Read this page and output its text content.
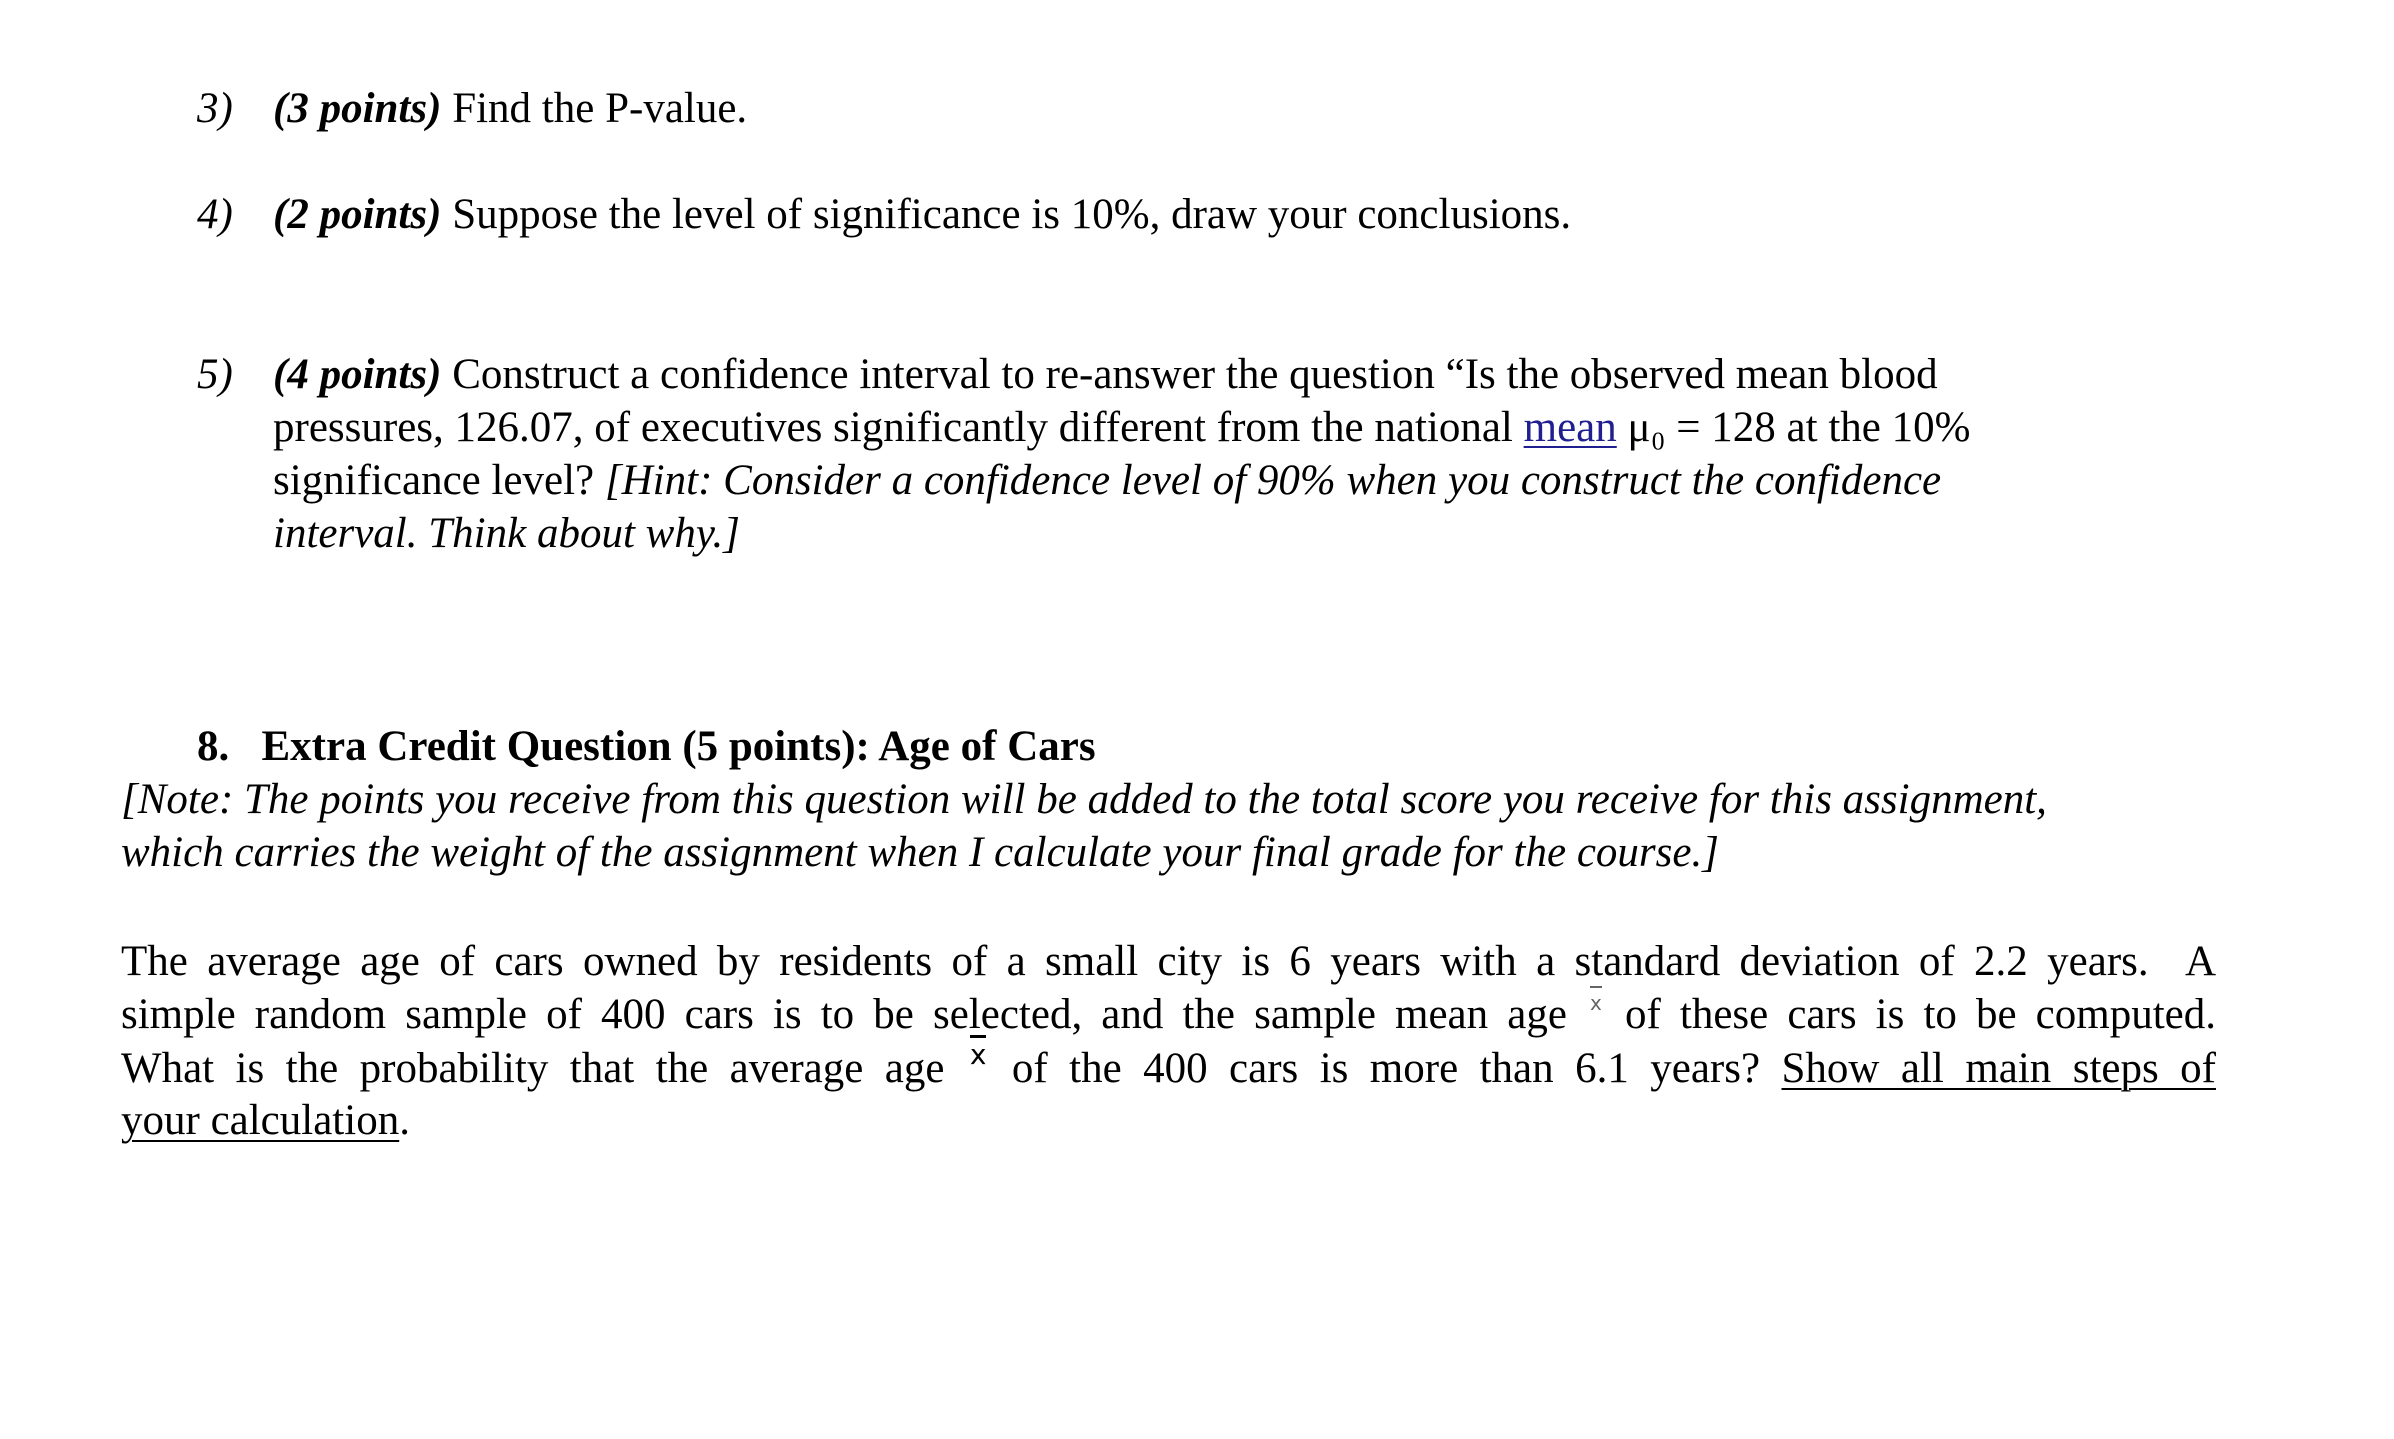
3) (3 points) Find the P-value.
4) (2 points) Suppose the level of significance is 10%, draw your conclusions.
5) (4 points) Construct a confidence interval to re-answer the question “Is the observed mean blood
pressures, 126.07, of executives significantly different from the national mean μ₀ = 128 at the 10%
significance level? [Hint: Consider a confidence level of 90% when you construct the confidence
interval. Think about why.]
8.   Extra Credit Question (5 points): Age of Cars
[Note: The points you receive from this question will be added to the total score you receive for this assignment,
which carries the weight of the assignment when I calculate your final grade for the course.]
The average age of cars owned by residents of a small city is 6 years with a standard deviation of 2.2 years.  A
simple random sample of 400 cars is to be selected, and the sample mean age x of these cars is to be computed.
What is the probability that the average age x of the 400 cars is more than 6.1 years? Show all main steps of
your calculation.
